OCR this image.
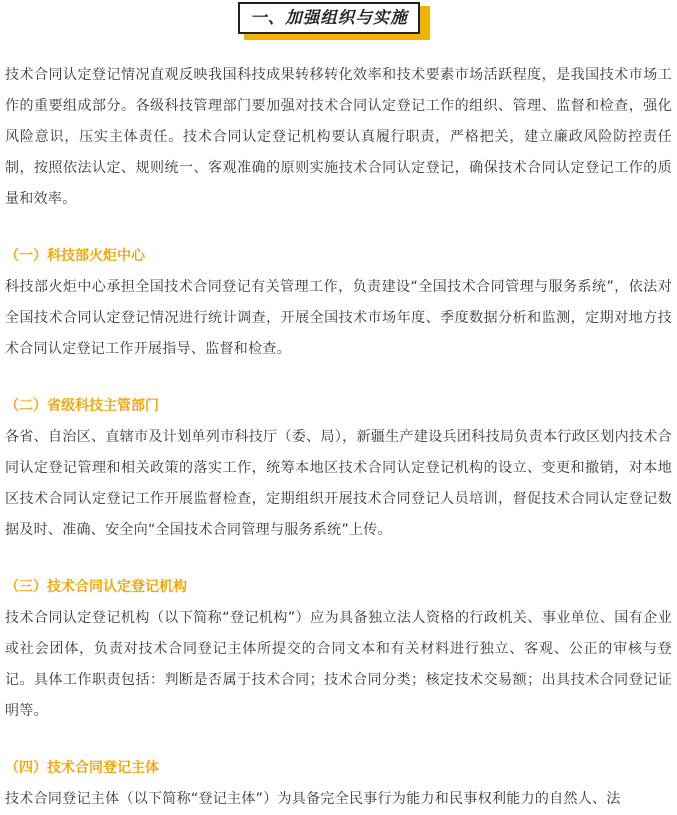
一、加强组织与实施

技术合同认定登记情况直观反映我国科技成果转移转化效率和技术要素市场活跃程度，是我国技术市场工作的重要组成部分。各级科技管理部门要加强对技术合同认定登记工作的组织、管理、监督和检查，强化风险意识，压实主体责任。技术合同认定登记机构要认真履行职责，严格把关，建立廉政风险防控责任制，按照依法认定、规则统一、客观准确的原则实施技术合同认定登记，确保技术合同认定登记工作的质量和效率。

（一）科技部火炬中心

科技部火炬中心承担全国技术合同登记有关管理工作，负责建设“全国技术合同管理与服务系统”，依法对全国技术合同认定登记情况进行统计调查，开展全国技术市场年度、季度数据分析和监测，定期对地方技术合同认定登记工作开展指导、监督和检查。

（二）省级科技主管部门

各省、自治区、直辖市及计划单列市科技厅（委、局），新疆生产建设兵团科技局负责本行政区划内技术合同认定登记管理和相关政策的落实工作，统筹本地区技术合同认定登记机构的设立、变更和撤销，对本地区技术合同认定登记工作开展监督检查，定期组织开展技术合同登记人员培训，督促技术合同认定登记数据及时、准确、安全向“全国技术合同管理与服务系统”上传。

（三）技术合同认定登记机构

技术合同认定登记机构（以下简称“登记机构”）应为具备独立法人资格的行政机关、事业单位、国有企业或社会团体，负责对技术合同登记主体所提交的合同文本和有关材料进行独立、客观、公正的审核与登记。具体工作职责包括：判断是否属于技术合同；技术合同分类；核定技术交易额；出具技术合同登记证明等。

（四）技术合同登记主体

技术合同登记主体（以下简称“登记主体”）为具备完全民事行为能力和民事权利能力的自然人、法
